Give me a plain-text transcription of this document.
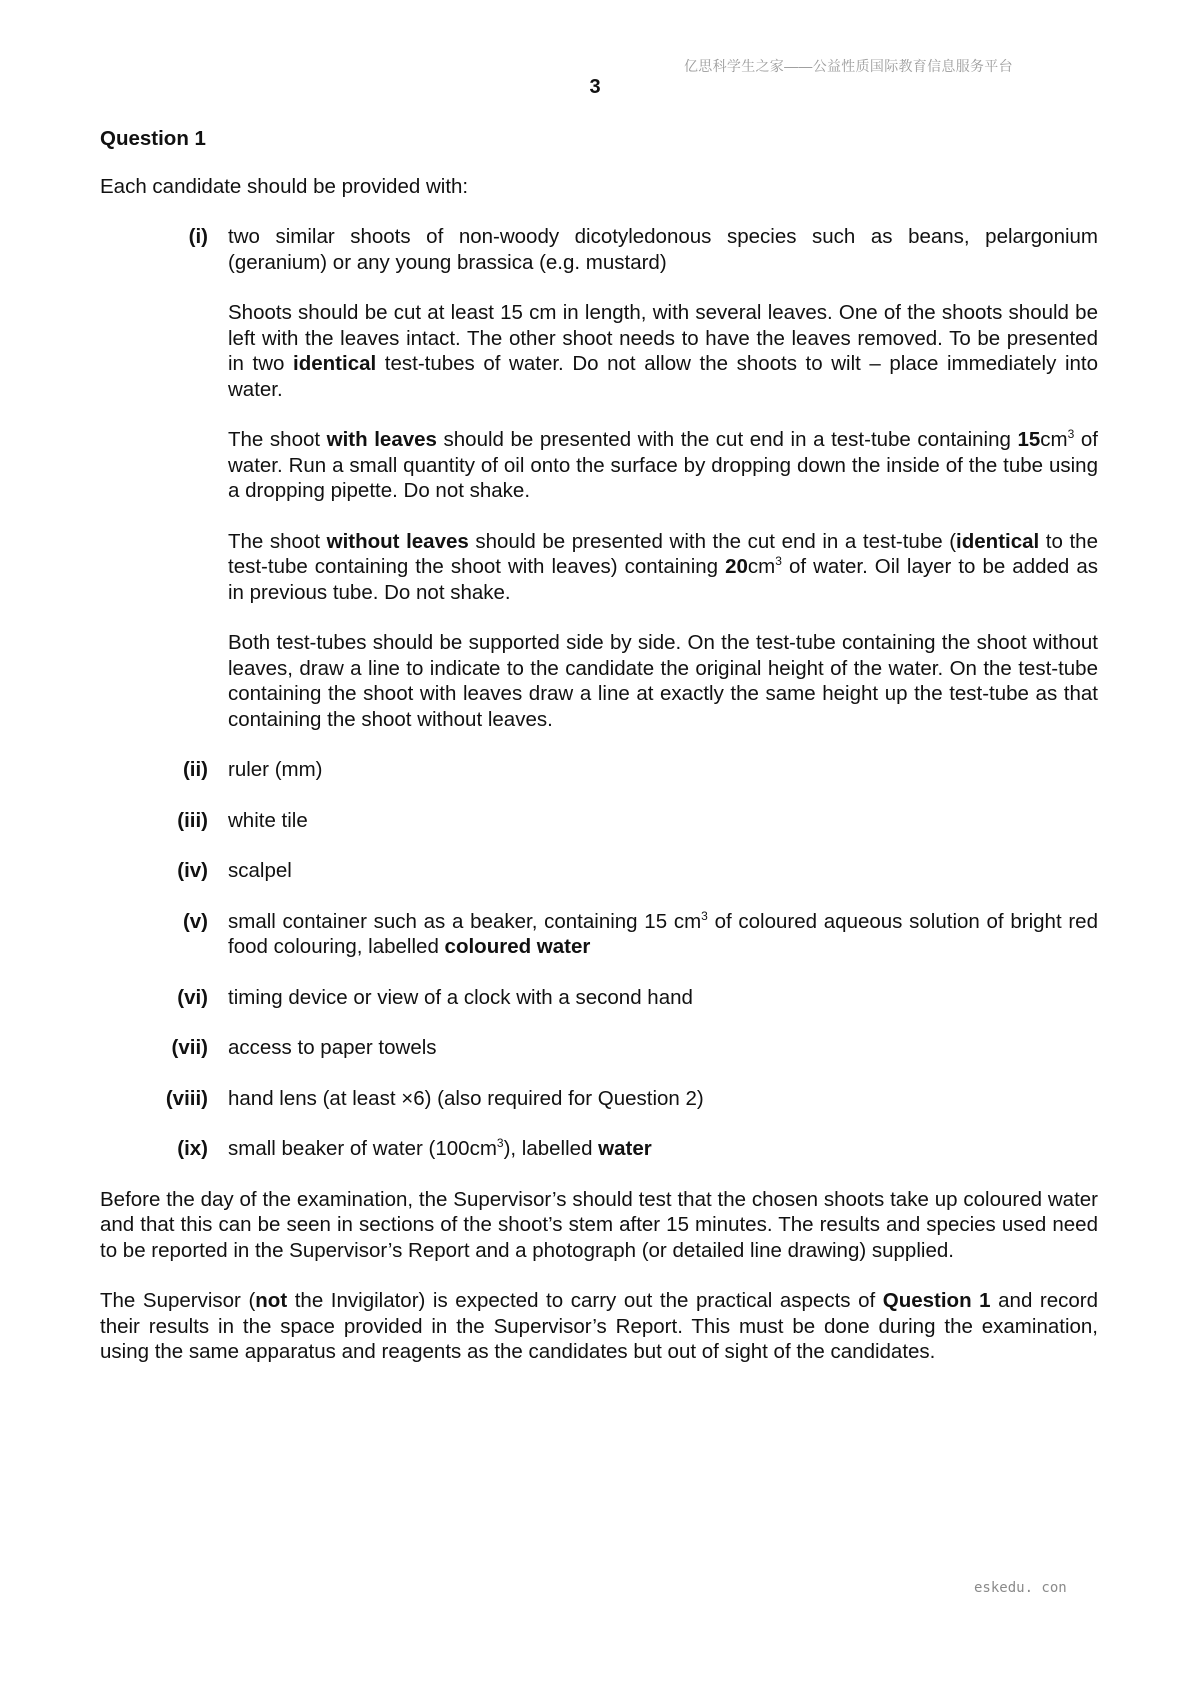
亿思科学生之家——公益性质国际教育信息服务平台
3

Question 1

Each candidate should be provided with:

(i) two similar shoots of non-woody dicotyledonous species such as beans, pelargonium (geranium) or any young brassica (e.g. mustard)

Shoots should be cut at least 15 cm in length, with several leaves. One of the shoots should be left with the leaves intact. The other shoot needs to have the leaves removed. To be presented in two identical test-tubes of water. Do not allow the shoots to wilt – place immediately into water.

The shoot with leaves should be presented with the cut end in a test-tube containing $15cm^3$ of water. Run a small quantity of oil onto the surface by dropping down the inside of the tube using a dropping pipette. Do not shake.

The shoot without leaves should be presented with the cut end in a test-tube (identical to the test-tube containing the shoot with leaves) containing $20cm^3$ of water. Oil layer to be added as in previous tube. Do not shake.

Both test-tubes should be supported side by side. On the test-tube containing the shoot without leaves, draw a line to indicate to the candidate the original height of the water. On the test-tube containing the shoot with leaves draw a line at exactly the same height up the test-tube as that containing the shoot without leaves.

(ii) ruler (mm)
(iii) white tile
(iv) scalpel
(v) small container such as a beaker, containing 15 $cm^3$ of coloured aqueous solution of bright red food colouring, labelled coloured water
(vi) timing device or view of a clock with a second hand
(vii) access to paper towels
(viii) hand lens (at least ×6) (also required for Question 2)
(ix) small beaker of water $(100cm^3)$, labelled water

Before the day of the examination, the Supervisor’s should test that the chosen shoots take up coloured water and that this can be seen in sections of the shoot’s stem after 15 minutes. The results and species used need to be reported in the Supervisor’s Report and a photograph (or detailed line drawing) supplied.

The Supervisor (not the Invigilator) is expected to carry out the practical aspects of Question 1 and record their results in the space provided in the Supervisor’s Report. This must be done during the examination, using the same apparatus and reagents as the candidates but out of sight of the candidates.

eskedu. con
